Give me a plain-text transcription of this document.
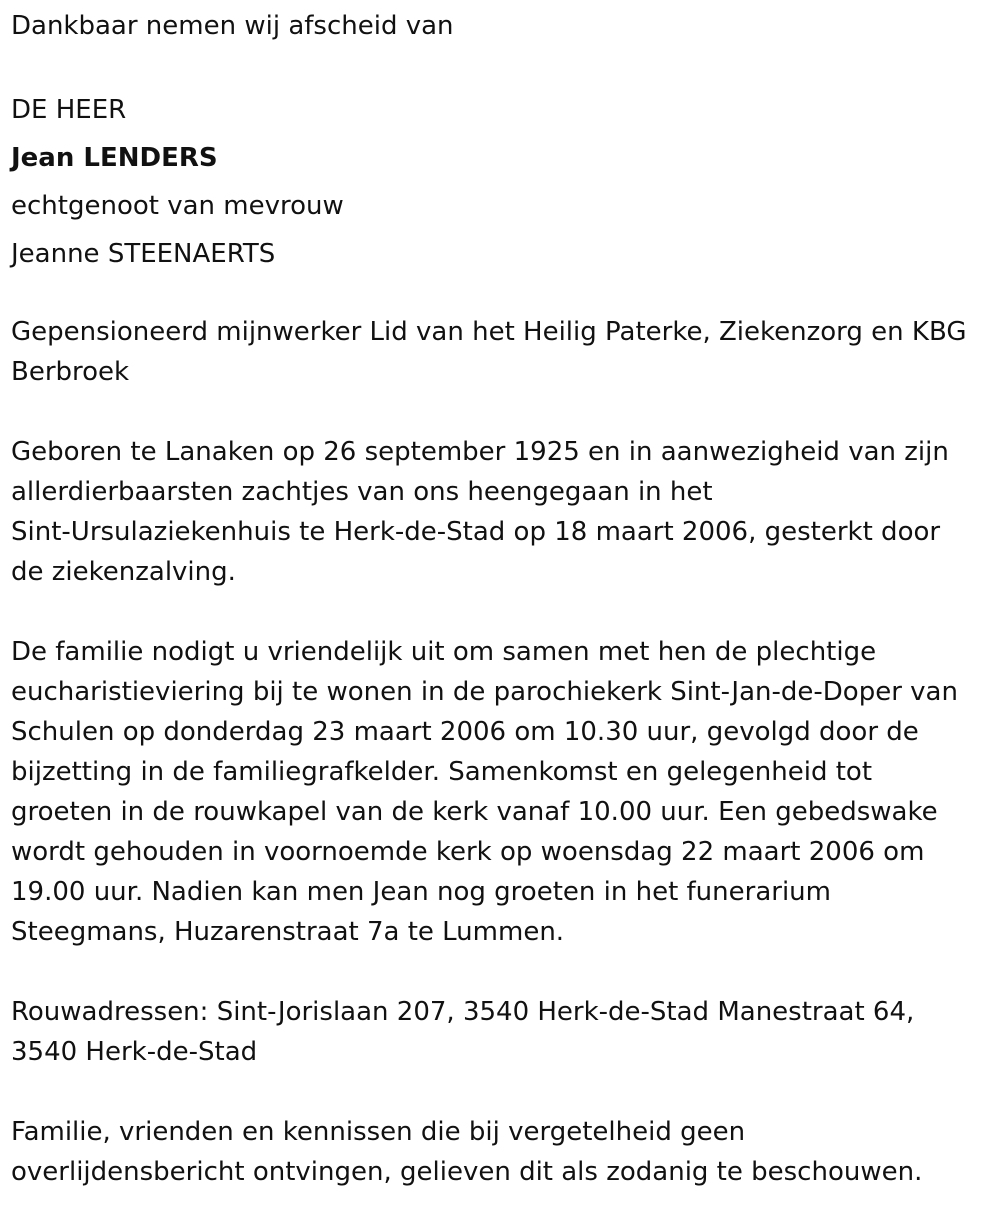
Dankbaar nemen wij afscheid van
DE HEER
Jean LENDERS
echtgenoot van mevrouw
Jeanne STEENAERTS
Gepensioneerd mijnwerker Lid van het Heilig Paterke, Ziekenzorg en KBG
Berbroek
Geboren te Lanaken op 26 september 1925 en in aanwezigheid van zijn
allerdierbaarsten zachtjes van ons heengegaan in het
Sint-Ursulaziekenhuis te Herk-de-Stad op 18 maart 2006, gesterkt door
de ziekenzalving.
De familie nodigt u vriendelijk uit om samen met hen de plechtige
eucharistieviering bij te wonen in de parochiekerk Sint-Jan-de-Doper van
Schulen op donderdag 23 maart 2006 om 10.30 uur, gevolgd door de
bijzetting in de familiegrafkelder. Samenkomst en gelegenheid tot
groeten in de rouwkapel van de kerk vanaf 10.00 uur. Een gebedswake
wordt gehouden in voornoemde kerk op woensdag 22 maart 2006 om
19.00 uur. Nadien kan men Jean nog groeten in het funerarium
Steegmans, Huzarenstraat 7a te Lummen.
Rouwadressen: Sint-Jorislaan 207, 3540 Herk-de-Stad Manestraat 64,
3540 Herk-de-Stad
Familie, vrienden en kennissen die bij vergetelheid geen
overlijdensbericht ontvingen, gelieven dit als zodanig te beschouwen.
